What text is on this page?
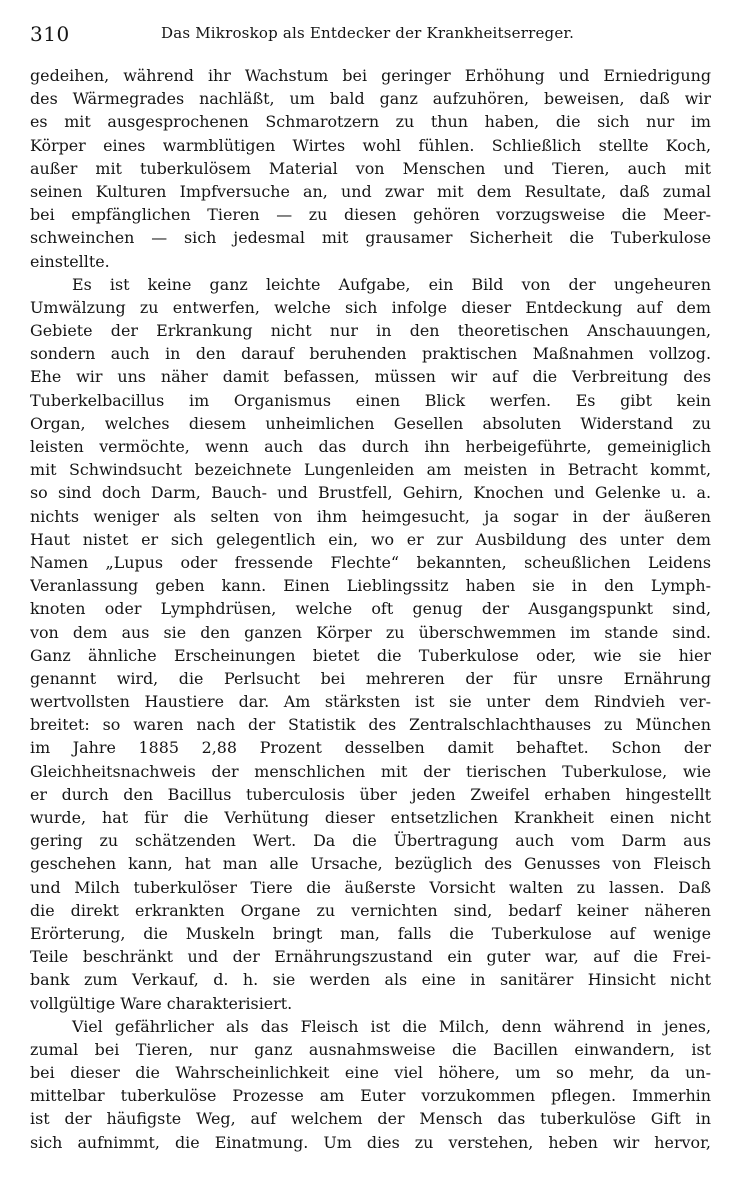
310	Das Mikroskop als Entdecker der Krankheitserreger.
gedeihen, während ihr Wachstum bei geringer Erhöhung und Erniedrigung
des Wärmegrades nachläßt, um bald ganz aufzuhören, beweisen, daß wir
es mit ausgesprochenen Schmarotzern zu thun haben, die sich nur im
Körper eines warmblütigen Wirtes wohl fühlen. Schließlich stellte Koch,
außer mit tuberkulösem Material von Menschen und Tieren, auch mit
seinen Kulturen Impfversuche an, und zwar mit dem Resultate, daß zumal
bei empfänglichen Tieren — zu diesen gehören vorzugsweise die Meer-
schweinchen — sich jedesmal mit grausamer Sicherheit die Tuberkulose
einstellte.
Es ist keine ganz leichte Aufgabe, ein Bild von der ungeheuren
Umwälzung zu entwerfen, welche sich infolge dieser Entdeckung auf dem
Gebiete der Erkrankung nicht nur in den theoretischen Anschauungen,
sondern auch in den darauf beruhenden praktischen Maßnahmen vollzog.
Ehe wir uns näher damit befassen, müssen wir auf die Verbreitung des
Tuberkelbacillus im Organismus einen Blick werfen. Es gibt kein
Organ, welches diesem unheimlichen Gesellen absoluten Widerstand zu
leisten vermöchte, wenn auch das durch ihn herbeigeführte, gemeiniglich
mit Schwindsucht bezeichnete Lungenleiden am meisten in Betracht kommt,
so sind doch Darm, Bauch- und Brustfell, Gehirn, Knochen und Gelenke u. a.
nichts weniger als selten von ihm heimgesucht, ja sogar in der äußeren
Haut nistet er sich gelegentlich ein, wo er zur Ausbildung des unter dem
Namen „Lupus oder fressende Flechte“ bekannten, scheußlichen Leidens
Veranlassung geben kann. Einen Lieblingssitz haben sie in den Lymph-
knoten oder Lymphdrüsen, welche oft genug der Ausgangspunkt sind,
von dem aus sie den ganzen Körper zu überschwemmen im stande sind.
Ganz ähnliche Erscheinungen bietet die Tuberkulose oder, wie sie hier
genannt wird, die Perlsucht bei mehreren der für unsre Ernährung
wertvollsten Haustiere dar. Am stärksten ist sie unter dem Rindvieh ver-
breitet: so waren nach der Statistik des Zentralschlachthauses zu München
im Jahre 1885 2,88 Prozent desselben damit behaftet. Schon der
Gleichheitsnachweis der menschlichen mit der tierischen Tuberkulose, wie
er durch den Bacillus tuberculosis über jeden Zweifel erhaben hingestellt
wurde, hat für die Verhütung dieser entsetzlichen Krankheit einen nicht
gering zu schätzenden Wert. Da die Übertragung auch vom Darm aus
geschehen kann, hat man alle Ursache, bezüglich des Genusses von Fleisch
und Milch tuberkulöser Tiere die äußerste Vorsicht walten zu lassen. Daß
die direkt erkrankten Organe zu vernichten sind, bedarf keiner näheren
Erörterung, die Muskeln bringt man, falls die Tuberkulose auf wenige
Teile beschränkt und der Ernährungszustand ein guter war, auf die Frei-
bank zum Verkauf, d. h. sie werden als eine in sanitärer Hinsicht nicht
vollgültige Ware charakterisiert.
Viel gefährlicher als das Fleisch ist die Milch, denn während in jenes,
zumal bei Tieren, nur ganz ausnahmsweise die Bacillen einwandern, ist
bei dieser die Wahrscheinlichkeit eine viel höhere, um so mehr, da un-
mittelbar tuberkulöse Prozesse am Euter vorzukommen pflegen. Immerhin
ist der häufigste Weg, auf welchem der Mensch das tuberkulöse Gift in
sich aufnimmt, die Einatmung. Um dies zu verstehen, heben wir hervor,
